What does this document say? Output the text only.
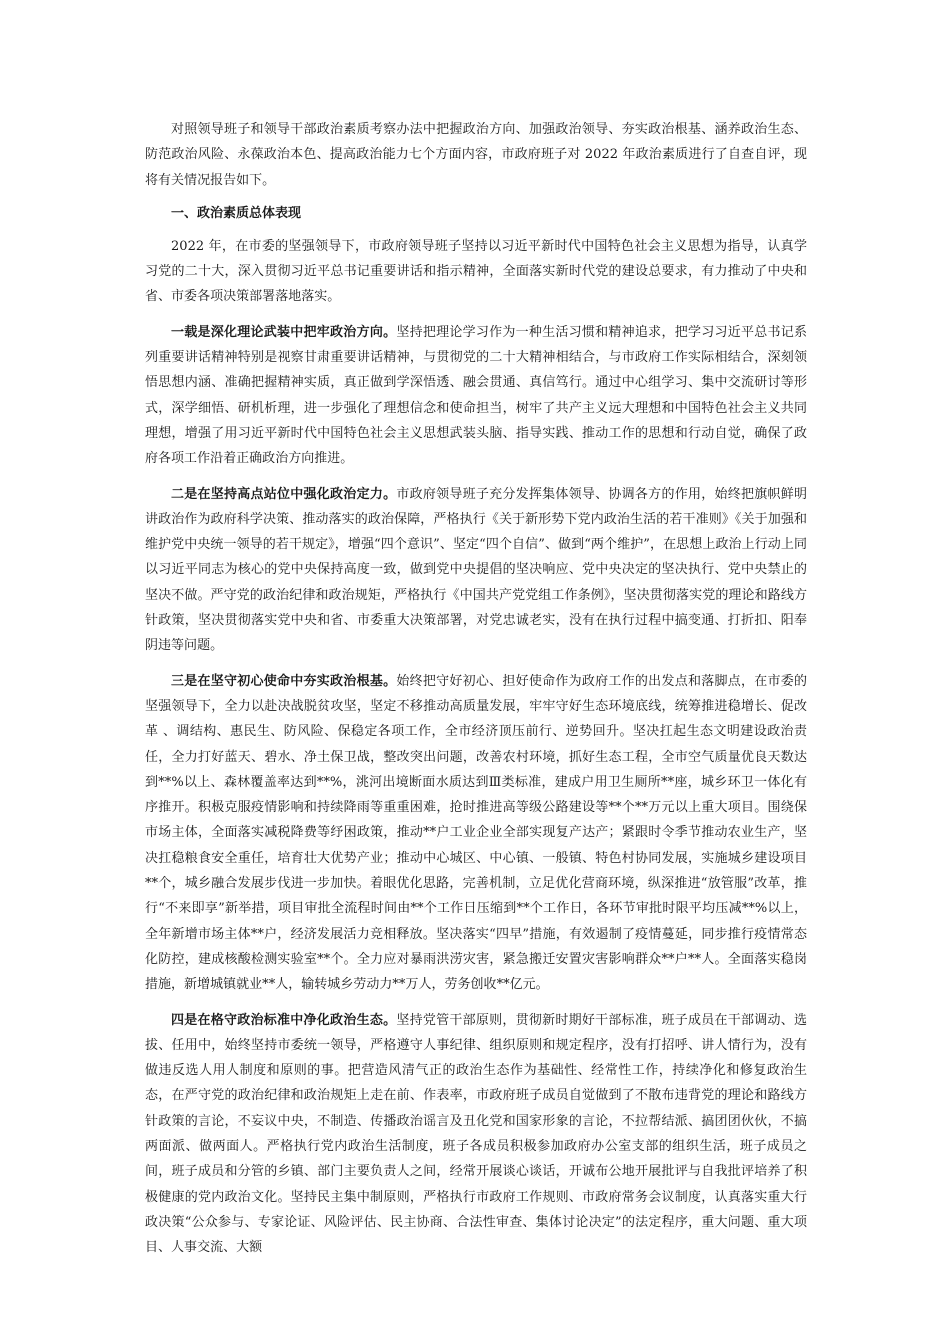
对照领导班子和领导干部政治素质考察办法中把握政治方向、加强政治领导、夯实政治根基、涵养政治生态、防范政治风险、永葆政治本色、提高政治能力七个方面内容，市政府班子对 2022 年政治素质进行了自查自评，现将有关情况报告如下。

一、政治素质总体表现

2022 年，在市委的坚强领导下，市政府领导班子坚持以习近平新时代中国特色社会主义思想为指导，认真学习党的二十大，深入贯彻习近平总书记重要讲话和指示精神，全面落实新时代党的建设总要求，有力推动了中央和省、市委各项决策部署落地落实。

一载是深化理论武装中把牢政治方向。坚持把理论学习作为一种生活习惯和精神追求，把学习习近平总书记系列重要讲话精神特别是视察甘肃重要讲话精神，与贯彻党的二十大精神相结合，与市政府工作实际相结合，深刻领悟思想内涵、准确把握精神实质，真正做到学深悟透、融会贯通、真信笃行。通过中心组学习、集中交流研讨等形式，深学细悟、研机析理，进一步强化了理想信念和使命担当，树牢了共产主义远大理想和中国特色社会主义共同理想，增强了用习近平新时代中国特色社会主义思想武装头脑、指导实践、推动工作的思想和行动自觉，确保了政府各项工作沿着正确政治方向推进。

二是在坚持高点站位中强化政治定力。市政府领导班子充分发挥集体领导、协调各方的作用，始终把旗帜鲜明讲政治作为政府科学决策、推动落实的政治保障，严格执行《关于新形势下党内政治生活的若干准则》《关于加强和维护党中央统一领导的若干规定》，增强“四个意识”、坚定“四个自信”、做到“两个维护”，在思想上政治上行动上同以习近平同志为核心的党中央保持高度一致，做到党中央提倡的坚决响应、党中央决定的坚决执行、党中央禁止的坚决不做。严守党的政治纪律和政治规矩，严格执行《中国共产党党组工作条例》，坚决贯彻落实党的理论和路线方针政策，坚决贯彻落实党中央和省、市委重大决策部署，对党忠诚老实，没有在执行过程中搞变通、打折扣、阳奉阴违等问题。

三是在坚守初心使命中夯实政治根基。始终把守好初心、担好使命作为政府工作的出发点和落脚点，在市委的坚强领导下，全力以赴决战脱贫攻坚，坚定不移推动高质量发展，牢牢守好生态环境底线，统筹推进稳增长、促改革 、调结构、惠民生、防风险、保稳定各项工作，全市经济顶压前行、逆势回升。坚决扛起生态文明建设政治责任，全力打好蓝天、碧水、净土保卫战，整改突出问题，改善农村环境，抓好生态工程，全市空气质量优良天数达到**%以上、森林覆盖率达到**%，洮河出境断面水质达到Ⅲ类标准，建成户用卫生厕所**座，城乡环卫一体化有序推开。积极克服疫情影响和持续降雨等重重困难，抢时推进高等级公路建设等**个**万元以上重大项目。围绕保市场主体，全面落实减税降费等纾困政策，推动**户工业企业全部实现复产达产；紧跟时令季节推动农业生产，坚决扛稳粮食安全重任，培育壮大优势产业；推动中心城区、中心镇、一般镇、特色村协同发展，实施城乡建设项目**个，城乡融合发展步伐进一步加快。着眼优化思路，完善机制，立足优化营商环境，纵深推进“放管服”改革，推行“不来即享”新举措，项目审批全流程时间由**个工作日压缩到**个工作日，各环节审批时限平均压减**%以上，全年新增市场主体**户，经济发展活力竞相释放。坚决落实“四早”措施，有效遏制了疫情蔓延，同步推行疫情常态化防控，建成核酸检测实验室**个。全力应对暴雨洪涝灾害，紧急搬迁安置灾害影响群众**户**人。全面落实稳岗措施，新增城镇就业**人，输转城乡劳动力**万人，劳务创收**亿元。

四是在格守政治标准中净化政治生态。坚持党管干部原则，贯彻新时期好干部标准，班子成员在干部调动、选拔、任用中，始终坚持市委统一领导，严格遵守人事纪律、组织原则和规定程序，没有打招呼、讲人情行为，没有做违反选人用人制度和原则的事。把营造风清气正的政治生态作为基础性、经常性工作，持续净化和修复政治生态，在严守党的政治纪律和政治规矩上走在前、作表率，市政府班子成员自觉做到了不散布违背党的理论和路线方针政策的言论，不妄议中央，不制造、传播政治谣言及丑化党和国家形象的言论，不拉帮结派、搞团团伙伙，不搞两面派、做两面人。严格执行党内政治生活制度，班子各成员积极参加政府办公室支部的组织生活，班子成员之间，班子成员和分管的乡镇、部门主要负责人之间，经常开展谈心谈话，开诚布公地开展批评与自我批评培养了积极健康的党内政治文化。坚持民主集中制原则，严格执行市政府工作规则、市政府常务会议制度，认真落实重大行政决策“公众参与、专家论证、风险评估、民主协商、合法性审查、集体讨论决定”的法定程序，重大问题、重大项目、人事交流、大额
